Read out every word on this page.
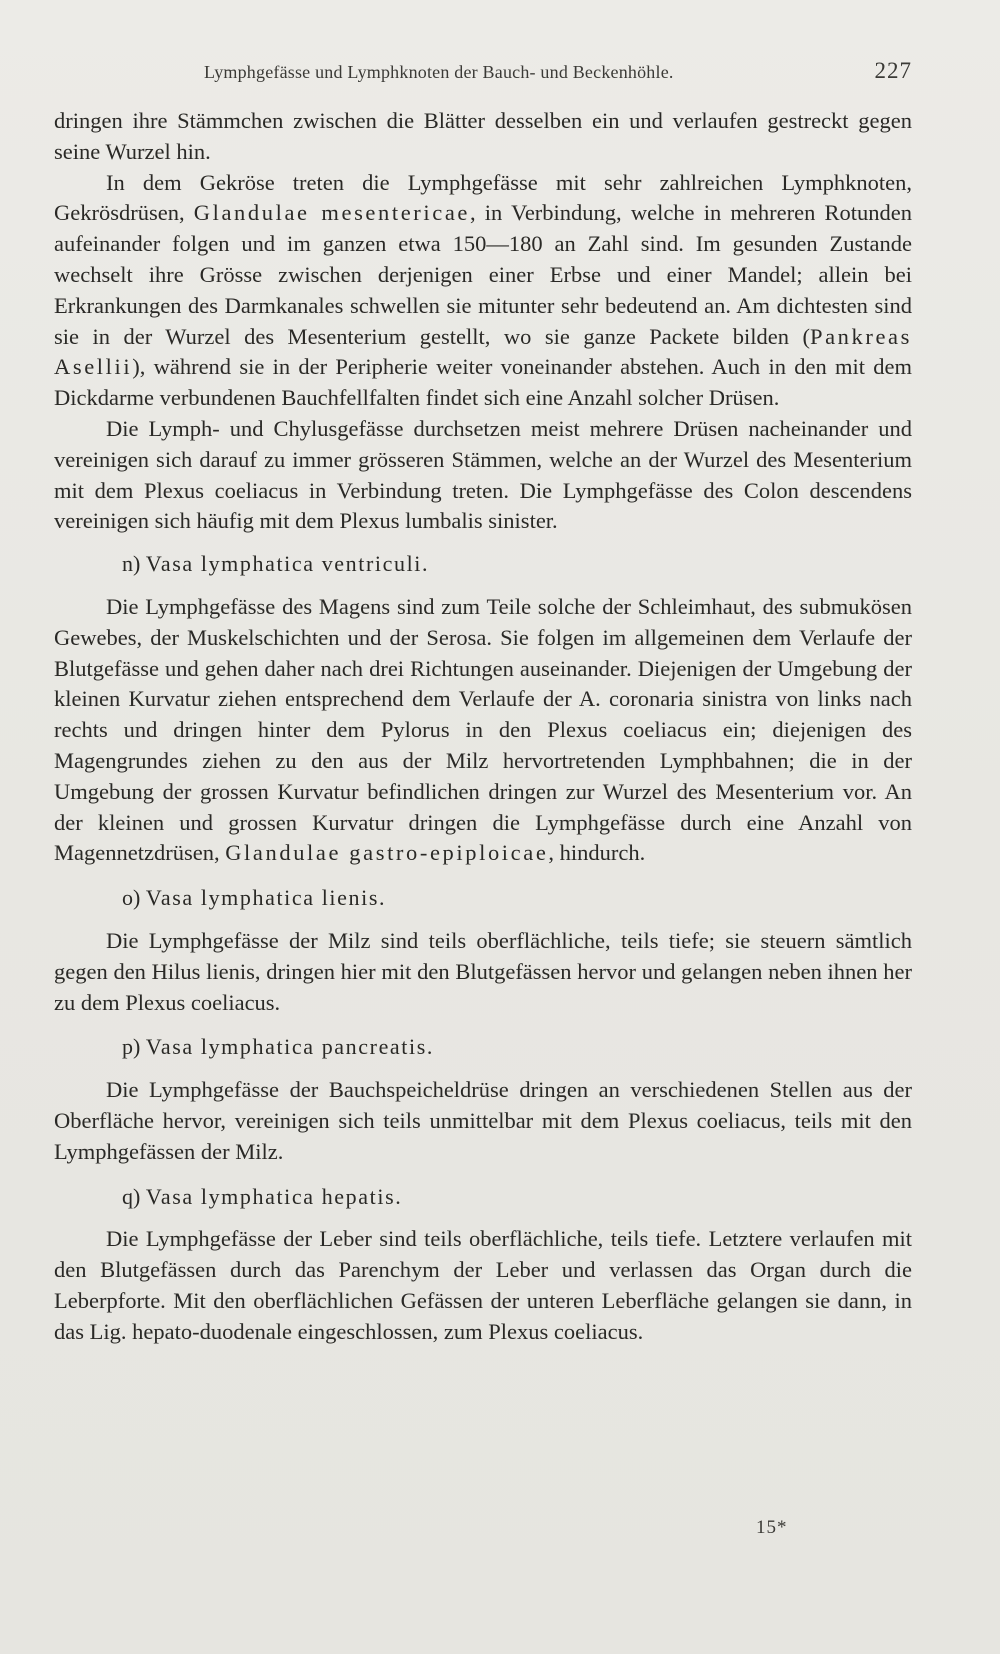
Lymphgefässe und Lymphknoten der Bauch- und Beckenhöhle.	227

dringen ihre Stämmchen zwischen die Blätter desselben ein und verlaufen gestreckt gegen seine Wurzel hin.

In dem Gekröse treten die Lymphgefässe mit sehr zahlreichen Lymphknoten, Gekrösdrüsen, Glandulae mesentericae, in Verbindung, welche in mehreren Rotunden aufeinander folgen und im ganzen etwa 150—180 an Zahl sind. Im gesunden Zustande wechselt ihre Grösse zwischen derjenigen einer Erbse und einer Mandel; allein bei Erkrankungen des Darmkanales schwellen sie mitunter sehr bedeutend an. Am dichtesten sind sie in der Wurzel des Mesenterium gestellt, wo sie ganze Packete bilden (Pankreas Asellii), während sie in der Peripherie weiter voneinander abstehen. Auch in den mit dem Dickdarme verbundenen Bauchfellfalten findet sich eine Anzahl solcher Drüsen.

Die Lymph- und Chylusgefässe durchsetzen meist mehrere Drüsen nacheinander und vereinigen sich darauf zu immer grösseren Stämmen, welche an der Wurzel des Mesenterium mit dem Plexus coeliacus in Verbindung treten. Die Lymphgefässe des Colon descendens vereinigen sich häufig mit dem Plexus lumbalis sinister.

n) Vasa lymphatica ventriculi.

Die Lymphgefässe des Magens sind zum Teile solche der Schleimhaut, des submukösen Gewebes, der Muskelschichten und der Serosa. Sie folgen im allgemeinen dem Verlaufe der Blutgefässe und gehen daher nach drei Richtungen auseinander. Diejenigen der Umgebung der kleinen Kurvatur ziehen entsprechend dem Verlaufe der A. coronaria sinistra von links nach rechts und dringen hinter dem Pylorus in den Plexus coeliacus ein; diejenigen des Magengrundes ziehen zu den aus der Milz hervortretenden Lymphbahnen; die in der Umgebung der grossen Kurvatur befindlichen dringen zur Wurzel des Mesenterium vor. An der kleinen und grossen Kurvatur dringen die Lymphgefässe durch eine Anzahl von Magennetzdrüsen, Glandulae gastro-epiploicae, hindurch.

o) Vasa lymphatica lienis.

Die Lymphgefässe der Milz sind teils oberflächliche, teils tiefe; sie steuern sämtlich gegen den Hilus lienis, dringen hier mit den Blutgefässen hervor und gelangen neben ihnen her zu dem Plexus coeliacus.

p) Vasa lymphatica pancreatis.

Die Lymphgefässe der Bauchspeicheldrüse dringen an verschiedenen Stellen aus der Oberfläche hervor, vereinigen sich teils unmittelbar mit dem Plexus coeliacus, teils mit den Lymphgefässen der Milz.

q) Vasa lymphatica hepatis.

Die Lymphgefässe der Leber sind teils oberflächliche, teils tiefe. Letztere verlaufen mit den Blutgefässen durch das Parenchym der Leber und verlassen das Organ durch die Leberpforte. Mit den oberflächlichen Gefässen der unteren Leberfläche gelangen sie dann, in das Lig. hepato-duodenale eingeschlossen, zum Plexus coeliacus.

15*
